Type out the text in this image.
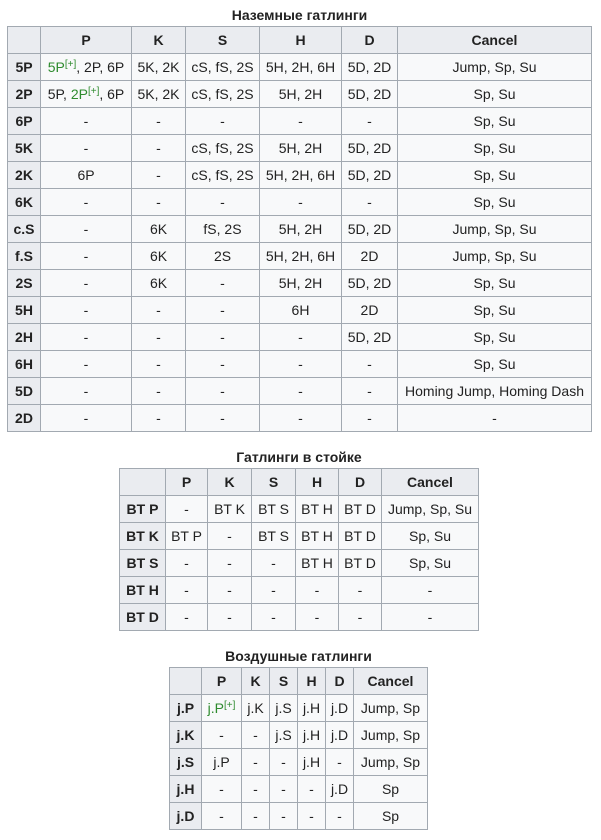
Наземные гатлинги
	P	K	S	H	D	Cancel
5P	5P[+], 2P, 6P	5K, 2K	cS, fS, 2S	5H, 2H, 6H	5D, 2D	Jump, Sp, Su
2P	5P, 2P[+], 6P	5K, 2K	cS, fS, 2S	5H, 2H	5D, 2D	Sp, Su
6P	-	-	-	-	-	Sp, Su
5K	-	-	cS, fS, 2S	5H, 2H	5D, 2D	Sp, Su
2K	6P	-	cS, fS, 2S	5H, 2H, 6H	5D, 2D	Sp, Su
6K	-	-	-	-	-	Sp, Su
c.S	-	6K	fS, 2S	5H, 2H	5D, 2D	Jump, Sp, Su
f.S	-	6K	2S	5H, 2H, 6H	2D	Jump, Sp, Su
2S	-	6K	-	5H, 2H	5D, 2D	Sp, Su
5H	-	-	-	6H	2D	Sp, Su
2H	-	-	-	-	5D, 2D	Sp, Su
6H	-	-	-	-	-	Sp, Su
5D	-	-	-	-	-	Homing Jump, Homing Dash
2D	-	-	-	-	-	-
Гатлинги в стойке
	P	K	S	H	D	Cancel
BT P	-	BT K	BT S	BT H	BT D	Jump, Sp, Su
BT K	BT P	-	BT S	BT H	BT D	Sp, Su
BT S	-	-	-	BT H	BT D	Sp, Su
BT H	-	-	-	-	-	-
BT D	-	-	-	-	-	-
Воздушные гатлинги
	P	K	S	H	D	Cancel
j.P	j.P[+]	j.K	j.S	j.H	j.D	Jump, Sp
j.K	-	-	j.S	j.H	j.D	Jump, Sp
j.S	j.P	-	-	j.H	-	Jump, Sp
j.H	-	-	-	-	j.D	Sp
j.D	-	-	-	-	-	Sp
